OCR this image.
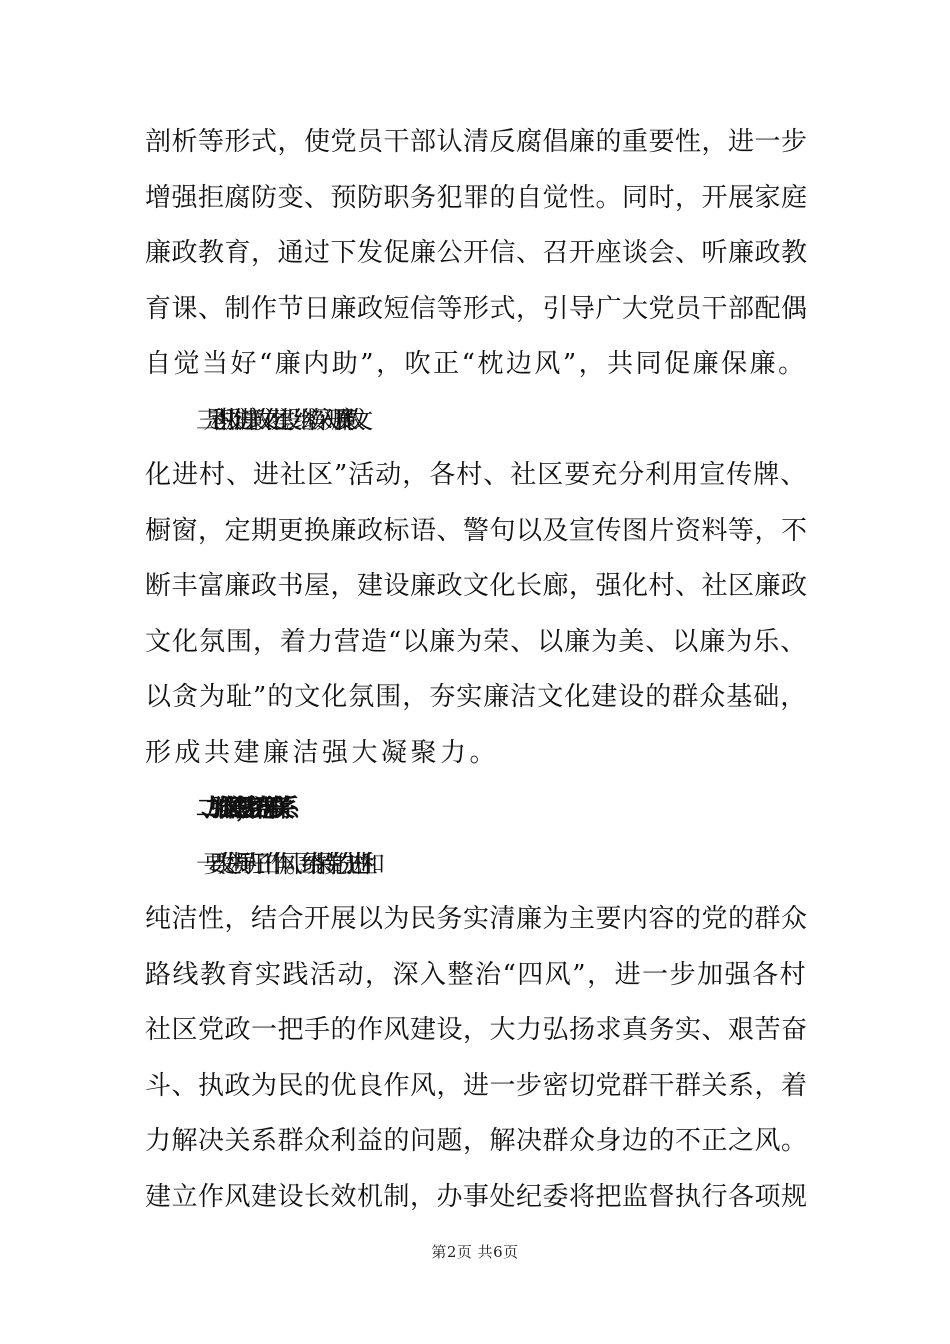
剖析等形式，使党员干部认清反腐倡廉的重要性，进一步
增强拒腐防变、预防职务犯罪的自觉性。同时，开展家庭
廉政教育，通过下发促廉公开信、召开座谈会、听廉政教
育课、制作节日廉政短信等形式，引导广大党员干部配偶
自觉当好“廉内助”，吹正“枕边风”，共同促廉保廉。
三是积极推进廉政文化建设。继续深入开展“廉政文
化进村、进社区”活动，各村、社区要充分利用宣传牌、
橱窗，定期更换廉政标语、警句以及宣传图片资料等，不
断丰富廉政书屋，建设廉政文化长廊，强化村、社区廉政
文化氛围，着力营造“以廉为荣、以廉为美、以廉为乐、
以贪为耻”的文化氛围，夯实廉洁文化建设的群众基础，
形成共建廉洁强大凝聚力。
二、加强作风建设，密切党群干群关系
一要改进领导班子工作作风。围绕保持党的先进性和
纯洁性，结合开展以为民务实清廉为主要内容的党的群众
路线教育实践活动，深入整治“四风”，进一步加强各村
社区党政一把手的作风建设，大力弘扬求真务实、艰苦奋
斗、执政为民的优良作风，进一步密切党群干群关系，着
力解决关系群众利益的问题，解决群众身边的不正之风。
建立作风建设长效机制，办事处纪委将把监督执行各项规
第2页 共6页
